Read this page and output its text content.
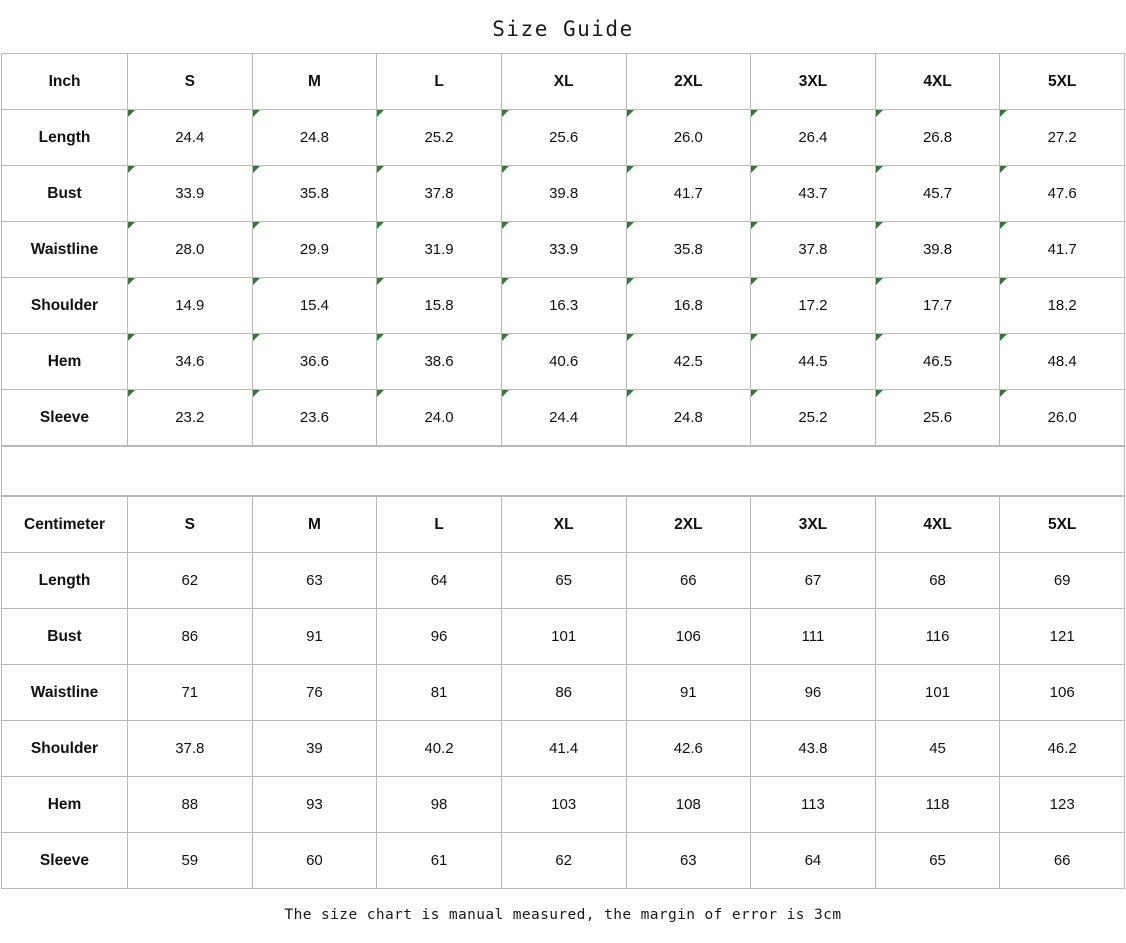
Size Guide
Inch	S	M	L	XL	2XL	3XL	4XL	5XL
Length	24.4	24.8	25.2	25.6	26.0	26.4	26.8	27.2
Bust	33.9	35.8	37.8	39.8	41.7	43.7	45.7	47.6
Waistline	28.0	29.9	31.9	33.9	35.8	37.8	39.8	41.7
Shoulder	14.9	15.4	15.8	16.3	16.8	17.2	17.7	18.2
Hem	34.6	36.6	38.6	40.6	42.5	44.5	46.5	48.4
Sleeve	23.2	23.6	24.0	24.4	24.8	25.2	25.6	26.0
Centimeter	S	M	L	XL	2XL	3XL	4XL	5XL
Length	62	63	64	65	66	67	68	69
Bust	86	91	96	101	106	111	116	121
Waistline	71	76	81	86	91	96	101	106
Shoulder	37.8	39	40.2	41.4	42.6	43.8	45	46.2
Hem	88	93	98	103	108	113	118	123
Sleeve	59	60	61	62	63	64	65	66
The size chart is manual measured, the margin of error is 3cm
